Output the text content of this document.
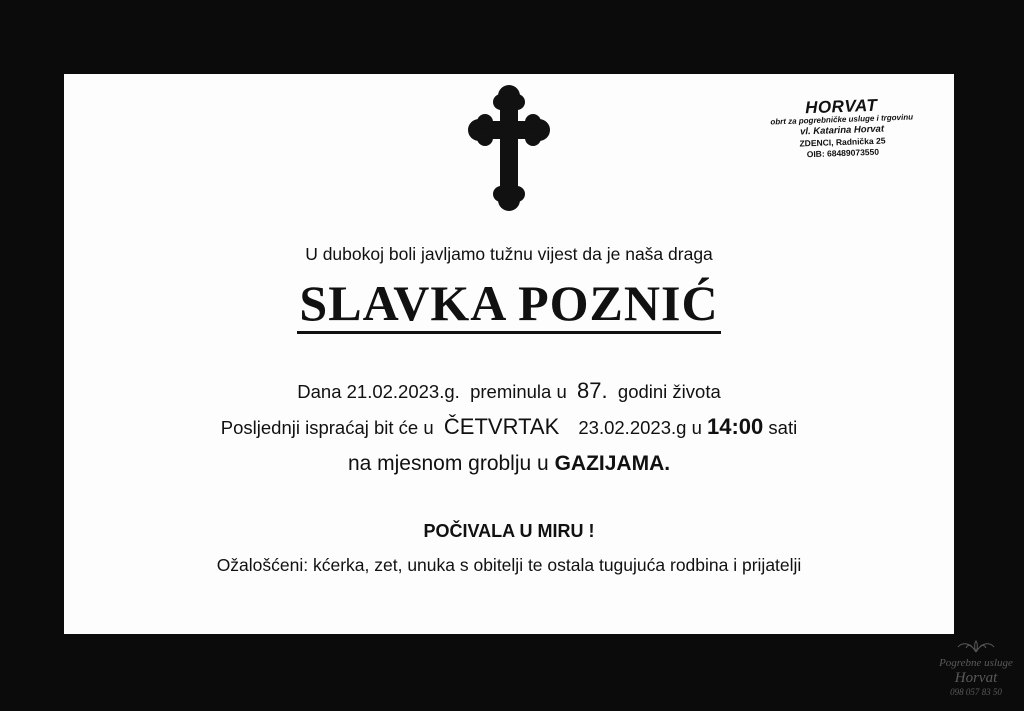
HORVAT
obrt za pogrebničke usluge i trgovinu
vl. Katarina Horvat
ZDENCI, Radnička 25
OIB: 68489073550
U dubokoj boli javljamo tužnu vijest da je naša draga
SLAVKA POZNIĆ
Dana 21.02.2023.g. preminula u 87. godini života
Posljednji ispraćaj bit će u ČETVRTAK 23.02.2023.g u 14:00 sati
na mjesnom groblju u GAZIJAMA.
POČIVALA U MIRU !
Ožalošćeni: kćerka, zet, unuka s obitelji te ostala tugujuća rodbina i prijatelji
Pogrebne usluge
Horvat
098 057 83 50
